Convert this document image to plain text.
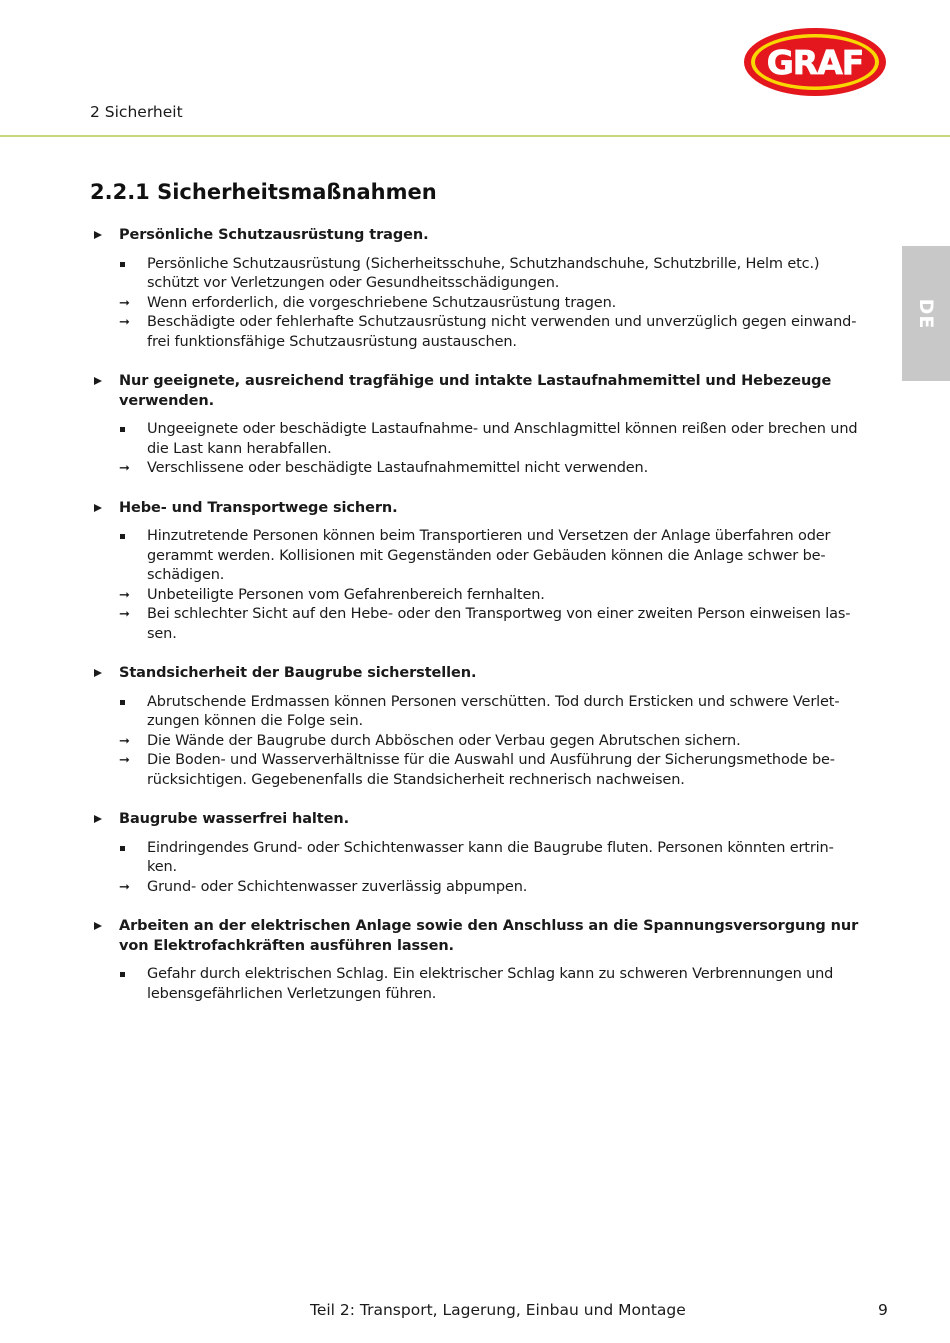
GRAF
2 Sicherheit
DE
2.2.1 Sicherheitsmaßnahmen
Persönliche Schutzausrüstung tragen.
Persönliche Schutzausrüstung (Sicherheitsschuhe, Schutzhandschuhe, Schutzbrille, Helm etc.)
schützt vor Verletzungen oder Gesundheitsschädigungen.
➞ Wenn erforderlich, die vorgeschriebene Schutzausrüstung tragen.
➞ Beschädigte oder fehlerhafte Schutzausrüstung nicht verwenden und unverzüglich gegen einwand-
frei funktionsfähige Schutzausrüstung austauschen.
Nur geeignete, ausreichend tragfähige und intakte Lastaufnahmemittel und Hebezeuge verwenden.
Ungeeignete oder beschädigte Lastaufnahme- und Anschlagmittel können reißen oder brechen und
die Last kann herabfallen.
➞ Verschlissene oder beschädigte Lastaufnahmemittel nicht verwenden.
Hebe- und Transportwege sichern.
Hinzutretende Personen können beim Transportieren und Versetzen der Anlage überfahren oder
gerammt werden. Kollisionen mit Gegenständen oder Gebäuden können die Anlage schwer be-
schädigen.
➞ Unbeteiligte Personen vom Gefahrenbereich fernhalten.
➞ Bei schlechter Sicht auf den Hebe- oder den Transportweg von einer zweiten Person einweisen las-
sen.
Standsicherheit der Baugrube sicherstellen.
Abrutschende Erdmassen können Personen verschütten. Tod durch Ersticken und schwere Verlet-
zungen können die Folge sein.
➞ Die Wände der Baugrube durch Abböschen oder Verbau gegen Abrutschen sichern.
➞ Die Boden- und Wasserverhältnisse für die Auswahl und Ausführung der Sicherungsmethode be-
rücksichtigen. Gegebenenfalls die Standsicherheit rechnerisch nachweisen.
Baugrube wasserfrei halten.
Eindringendes Grund- oder Schichtenwasser kann die Baugrube fluten. Personen könnten ertrin-
ken.
➞ Grund- oder Schichtenwasser zuverlässig abpumpen.
Arbeiten an der elektrischen Anlage sowie den Anschluss an die Spannungsversorgung nur von Elektrofachkräften ausführen lassen.
Gefahr durch elektrischen Schlag. Ein elektrischer Schlag kann zu schweren Verbrennungen und
lebensgefährlichen Verletzungen führen.
Teil 2: Transport, Lagerung, Einbau und Montage	9
